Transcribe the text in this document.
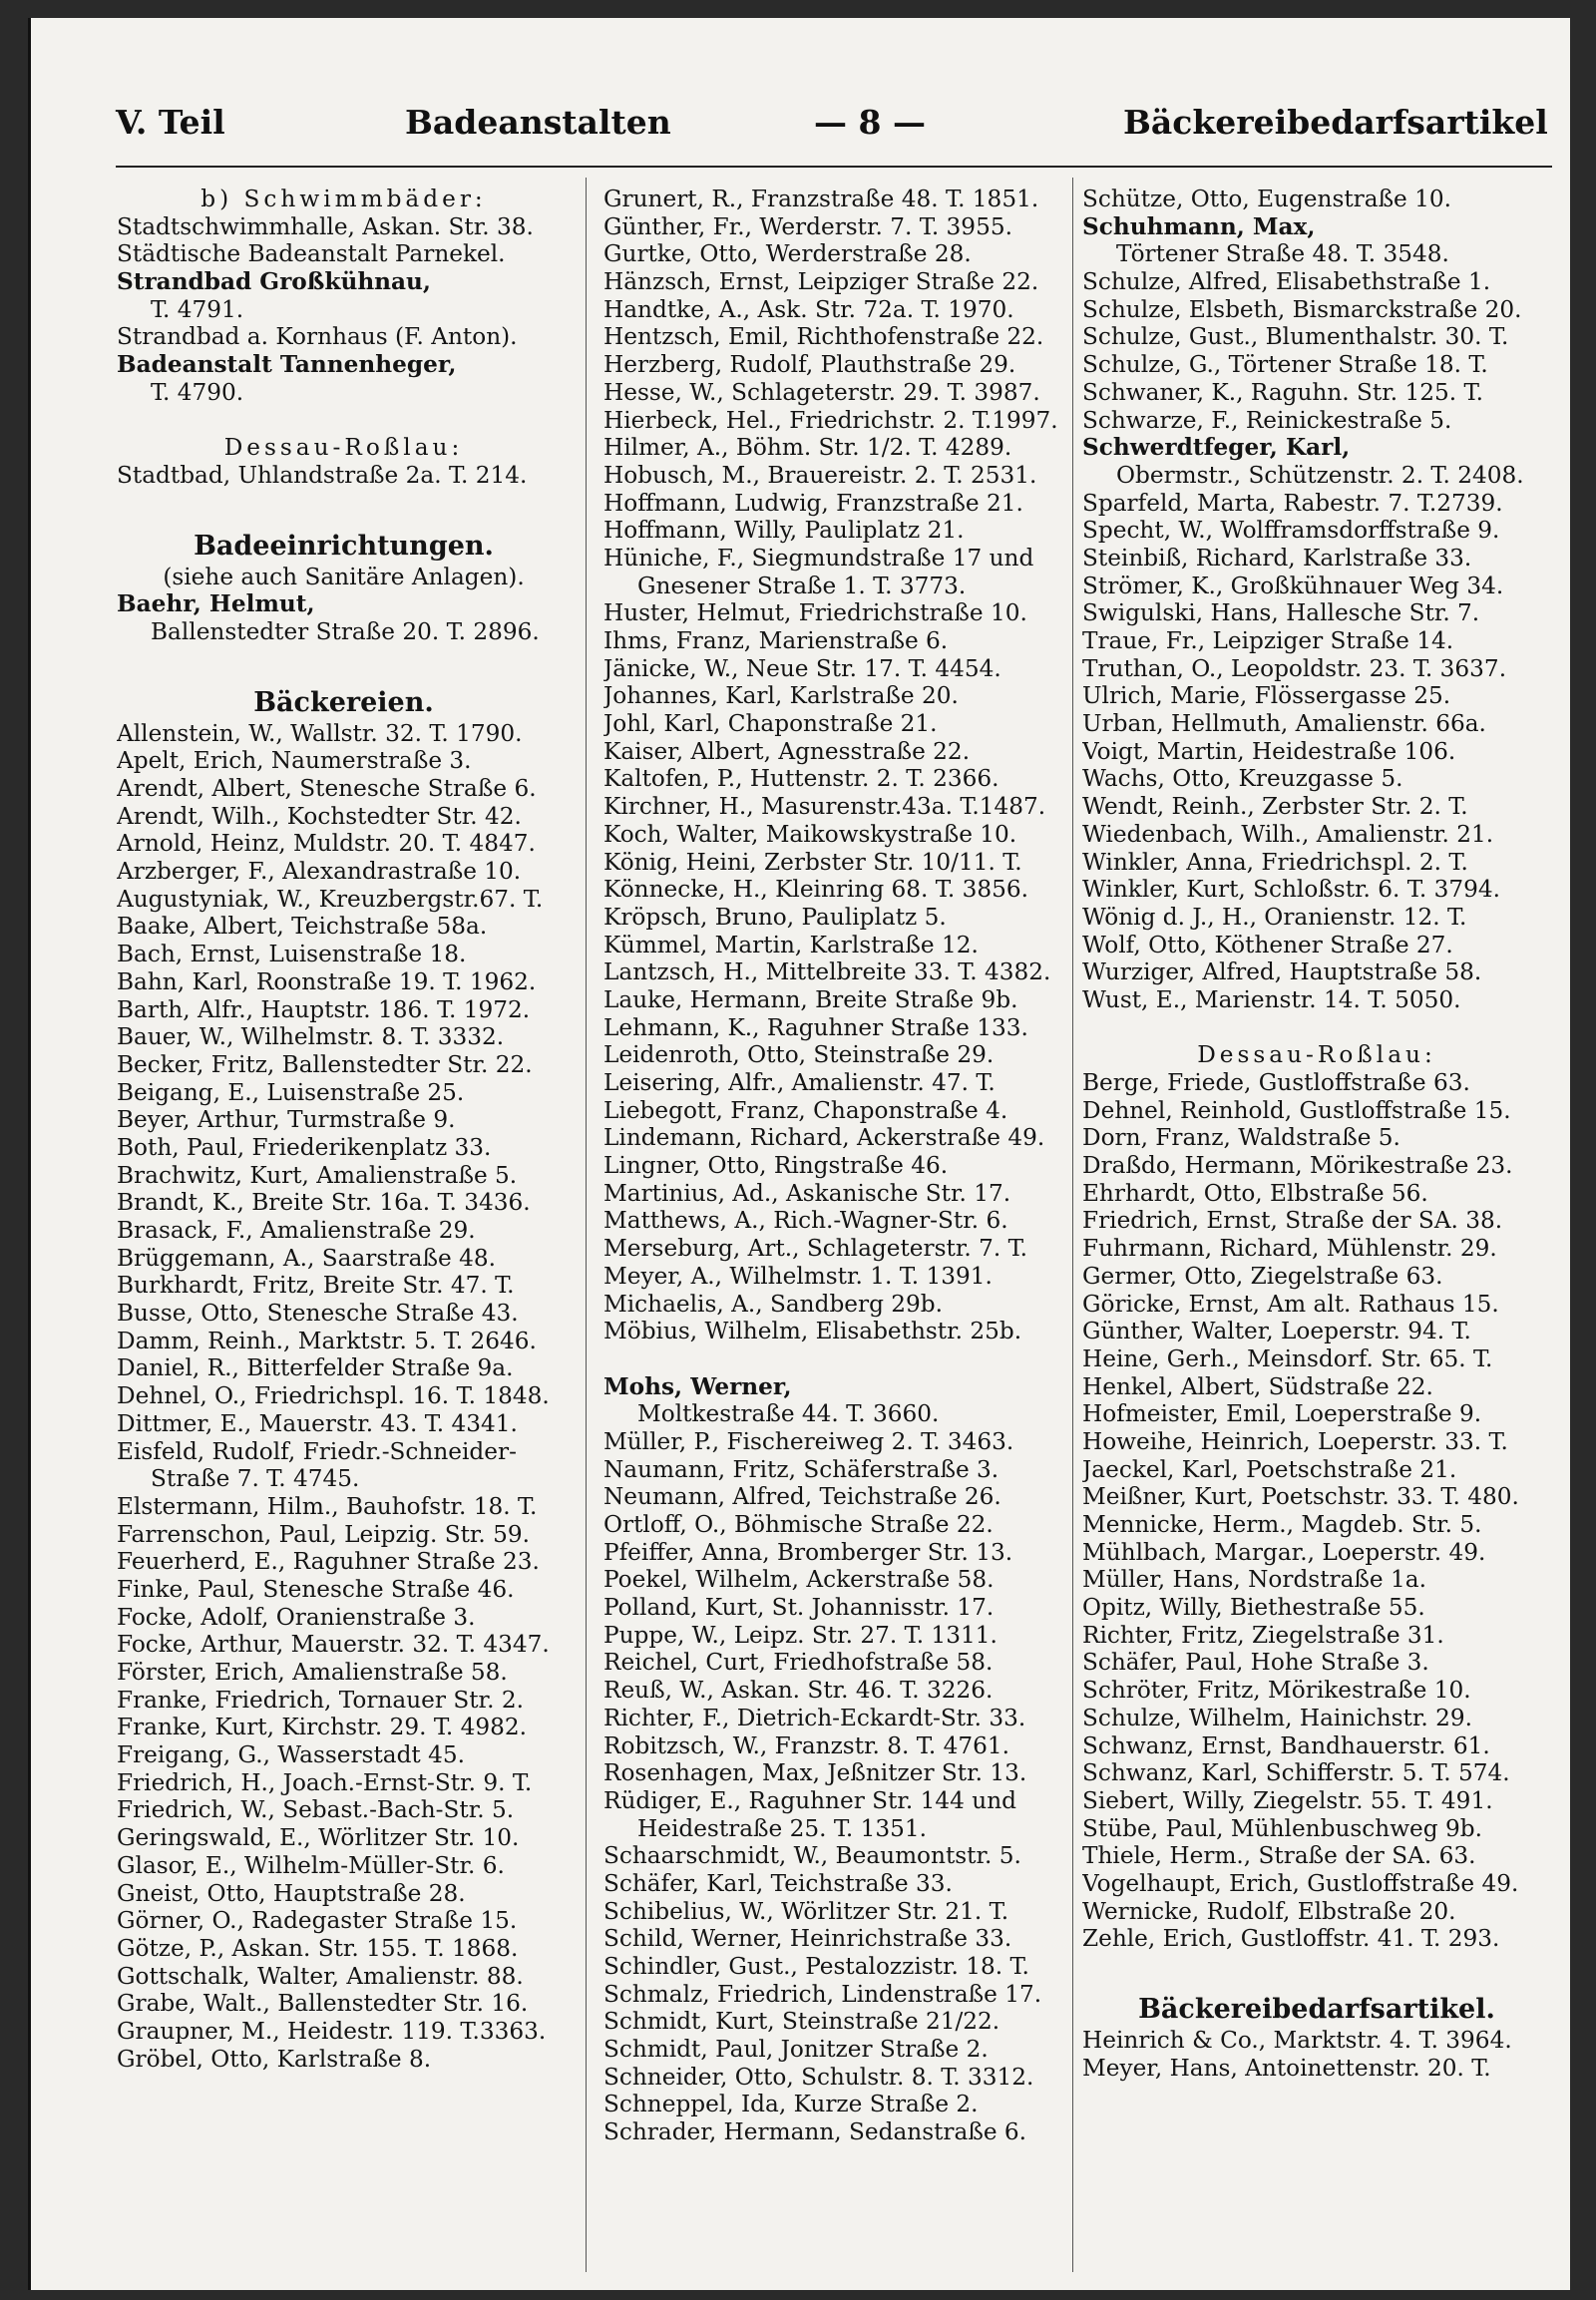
V. Teil	Badeanstalten	— 8 —	Bäckereibedarfsartikel
b) Schwimmbäder:
Stadtschwimmhalle, Askan. Str. 38.
Städtische Badeanstalt Parnekel.
Strandbad Großkühnau,
T. 4791.
Strandbad a. Kornhaus (F. Anton).
Badeanstalt Tannenheger,
T. 4790.
Dessau-Roßlau:
Stadtbad, Uhlandstraße 2a. T. 214.
Badeeinrichtungen.
(siehe auch Sanitäre Anlagen).
Baehr, Helmut,
Ballenstedter Straße 20. T. 2896.
Bäckereien.
Allenstein, W., Wallstr. 32. T. 1790.
Apelt, Erich, Naumerstraße 3.
Arendt, Albert, Stenesche Straße 6.
Arendt, Wilh., Kochstedter Str. 42.
Arnold, Heinz, Muldstr. 20. T. 4847.
Arzberger, F., Alexandrastraße 10.
Augustyniak, W., Kreuzbergstr.67. T.
Baake, Albert, Teichstraße 58a.
Bach, Ernst, Luisenstraße 18.
Bahn, Karl, Roonstraße 19. T. 1962.
Barth, Alfr., Hauptstr. 186. T. 1972.
Bauer, W., Wilhelmstr. 8. T. 3332.
Becker, Fritz, Ballenstedter Str. 22.
Beigang, E., Luisenstraße 25.
Beyer, Arthur, Turmstraße 9.
Both, Paul, Friederikenplatz 33.
Brachwitz, Kurt, Amalienstraße 5.
Brandt, K., Breite Str. 16a. T. 3436.
Brasack, F., Amalienstraße 29.
Brüggemann, A., Saarstraße 48.
Burkhardt, Fritz, Breite Str. 47. T.
Busse, Otto, Stenesche Straße 43.
Damm, Reinh., Marktstr. 5. T. 2646.
Daniel, R., Bitterfelder Straße 9a.
Dehnel, O., Friedrichspl. 16. T. 1848.
Dittmer, E., Mauerstr. 43. T. 4341.
Eisfeld, Rudolf, Friedr.-Schneider-
Straße 7. T. 4745.
Elstermann, Hilm., Bauhofstr. 18. T.
Farrenschon, Paul, Leipzig. Str. 59.
Feuerherd, E., Raguhner Straße 23.
Finke, Paul, Stenesche Straße 46.
Focke, Adolf, Oranienstraße 3.
Focke, Arthur, Mauerstr. 32. T. 4347.
Förster, Erich, Amalienstraße 58.
Franke, Friedrich, Tornauer Str. 2.
Franke, Kurt, Kirchstr. 29. T. 4982.
Freigang, G., Wasserstadt 45.
Friedrich, H., Joach.-Ernst-Str. 9. T.
Friedrich, W., Sebast.-Bach-Str. 5.
Geringswald, E., Wörlitzer Str. 10.
Glasor, E., Wilhelm-Müller-Str. 6.
Gneist, Otto, Hauptstraße 28.
Görner, O., Radegaster Straße 15.
Götze, P., Askan. Str. 155. T. 1868.
Gottschalk, Walter, Amalienstr. 88.
Grabe, Walt., Ballenstedter Str. 16.
Graupner, M., Heidestr. 119. T.3363.
Gröbel, Otto, Karlstraße 8.
Grunert, R., Franzstraße 48. T. 1851.
Günther, Fr., Werderstr. 7. T. 3955.
Gurtke, Otto, Werderstraße 28.
Hänzsch, Ernst, Leipziger Straße 22.
Handtke, A., Ask. Str. 72a. T. 1970.
Hentzsch, Emil, Richthofenstraße 22.
Herzberg, Rudolf, Plauthstraße 29.
Hesse, W., Schlageterstr. 29. T. 3987.
Hierbeck, Hel., Friedrichstr. 2. T.1997.
Hilmer, A., Böhm. Str. 1/2. T. 4289.
Hobusch, M., Brauereistr. 2. T. 2531.
Hoffmann, Ludwig, Franzstraße 21.
Hoffmann, Willy, Pauliplatz 21.
Hüniche, F., Siegmundstraße 17 und
Gnesener Straße 1. T. 3773.
Huster, Helmut, Friedrichstraße 10.
Ihms, Franz, Marienstraße 6.
Jänicke, W., Neue Str. 17. T. 4454.
Johannes, Karl, Karlstraße 20.
Johl, Karl, Chaponstraße 21.
Kaiser, Albert, Agnesstraße 22.
Kaltofen, P., Huttenstr. 2. T. 2366.
Kirchner, H., Masurenstr.43a. T.1487.
Koch, Walter, Maikowskystraße 10.
König, Heini, Zerbster Str. 10/11. T.
Könnecke, H., Kleinring 68. T. 3856.
Kröpsch, Bruno, Pauliplatz 5.
Kümmel, Martin, Karlstraße 12.
Lantzsch, H., Mittelbreite 33. T. 4382.
Lauke, Hermann, Breite Straße 9b.
Lehmann, K., Raguhner Straße 133.
Leidenroth, Otto, Steinstraße 29.
Leisering, Alfr., Amalienstr. 47. T.
Liebegott, Franz, Chaponstraße 4.
Lindemann, Richard, Ackerstraße 49.
Lingner, Otto, Ringstraße 46.
Martinius, Ad., Askanische Str. 17.
Matthews, A., Rich.-Wagner-Str. 6.
Merseburg, Art., Schlageterstr. 7. T.
Meyer, A., Wilhelmstr. 1. T. 1391.
Michaelis, A., Sandberg 29b.
Möbius, Wilhelm, Elisabethstr. 25b.
Mohs, Werner,
Moltkestraße 44. T. 3660.
Müller, P., Fischereiweg 2. T. 3463.
Naumann, Fritz, Schäferstraße 3.
Neumann, Alfred, Teichstraße 26.
Ortloff, O., Böhmische Straße 22.
Pfeiffer, Anna, Bromberger Str. 13.
Poekel, Wilhelm, Ackerstraße 58.
Polland, Kurt, St. Johannisstr. 17.
Puppe, W., Leipz. Str. 27. T. 1311.
Reichel, Curt, Friedhofstraße 58.
Reuß, W., Askan. Str. 46. T. 3226.
Richter, F., Dietrich-Eckardt-Str. 33.
Robitzsch, W., Franzstr. 8. T. 4761.
Rosenhagen, Max, Jeßnitzer Str. 13.
Rüdiger, E., Raguhner Str. 144 und
Heidestraße 25. T. 1351.
Schaarschmidt, W., Beaumontstr. 5.
Schäfer, Karl, Teichstraße 33.
Schibelius, W., Wörlitzer Str. 21. T.
Schild, Werner, Heinrichstraße 33.
Schindler, Gust., Pestalozzistr. 18. T.
Schmalz, Friedrich, Lindenstraße 17.
Schmidt, Kurt, Steinstraße 21/22.
Schmidt, Paul, Jonitzer Straße 2.
Schneider, Otto, Schulstr. 8. T. 3312.
Schneppel, Ida, Kurze Straße 2.
Schrader, Hermann, Sedanstraße 6.
Schütze, Otto, Eugenstraße 10.
Schuhmann, Max,
Törtener Straße 48. T. 3548.
Schulze, Alfred, Elisabethstraße 1.
Schulze, Elsbeth, Bismarckstraße 20.
Schulze, Gust., Blumenthalstr. 30. T.
Schulze, G., Törtener Straße 18. T.
Schwaner, K., Raguhn. Str. 125. T.
Schwarze, F., Reinickestraße 5.
Schwerdtfeger, Karl,
Obermstr., Schützenstr. 2. T. 2408.
Sparfeld, Marta, Rabestr. 7. T.2739.
Specht, W., Wolfframsdorffstraße 9.
Steinbiß, Richard, Karlstraße 33.
Strömer, K., Großkühnauer Weg 34.
Swigulski, Hans, Hallesche Str. 7.
Traue, Fr., Leipziger Straße 14.
Truthan, O., Leopoldstr. 23. T. 3637.
Ulrich, Marie, Flössergasse 25.
Urban, Hellmuth, Amalienstr. 66a.
Voigt, Martin, Heidestraße 106.
Wachs, Otto, Kreuzgasse 5.
Wendt, Reinh., Zerbster Str. 2. T.
Wiedenbach, Wilh., Amalienstr. 21.
Winkler, Anna, Friedrichspl. 2. T.
Winkler, Kurt, Schloßstr. 6. T. 3794.
Wönig d. J., H., Oranienstr. 12. T.
Wolf, Otto, Köthener Straße 27.
Wurziger, Alfred, Hauptstraße 58.
Wust, E., Marienstr. 14. T. 5050.
Dessau-Roßlau:
Berge, Friede, Gustloffstraße 63.
Dehnel, Reinhold, Gustloffstraße 15.
Dorn, Franz, Waldstraße 5.
Draßdo, Hermann, Mörikestraße 23.
Ehrhardt, Otto, Elbstraße 56.
Friedrich, Ernst, Straße der SA. 38.
Fuhrmann, Richard, Mühlenstr. 29.
Germer, Otto, Ziegelstraße 63.
Göricke, Ernst, Am alt. Rathaus 15.
Günther, Walter, Loeperstr. 94. T.
Heine, Gerh., Meinsdorf. Str. 65. T.
Henkel, Albert, Südstraße 22.
Hofmeister, Emil, Loeperstraße 9.
Howeihe, Heinrich, Loeperstr. 33. T.
Jaeckel, Karl, Poetschstraße 21.
Meißner, Kurt, Poetschstr. 33. T. 480.
Mennicke, Herm., Magdeb. Str. 5.
Mühlbach, Margar., Loeperstr. 49.
Müller, Hans, Nordstraße 1a.
Opitz, Willy, Biethestraße 55.
Richter, Fritz, Ziegelstraße 31.
Schäfer, Paul, Hohe Straße 3.
Schröter, Fritz, Mörikestraße 10.
Schulze, Wilhelm, Hainichstr. 29.
Schwanz, Ernst, Bandhauerstr. 61.
Schwanz, Karl, Schifferstr. 5. T. 574.
Siebert, Willy, Ziegelstr. 55. T. 491.
Stübe, Paul, Mühlenbuschweg 9b.
Thiele, Herm., Straße der SA. 63.
Vogelhaupt, Erich, Gustloffstraße 49.
Wernicke, Rudolf, Elbstraße 20.
Zehle, Erich, Gustloffstr. 41. T. 293.
Bäckereibedarfsartikel.
Heinrich & Co., Marktstr. 4. T. 3964.
Meyer, Hans, Antoinettenstr. 20. T.
